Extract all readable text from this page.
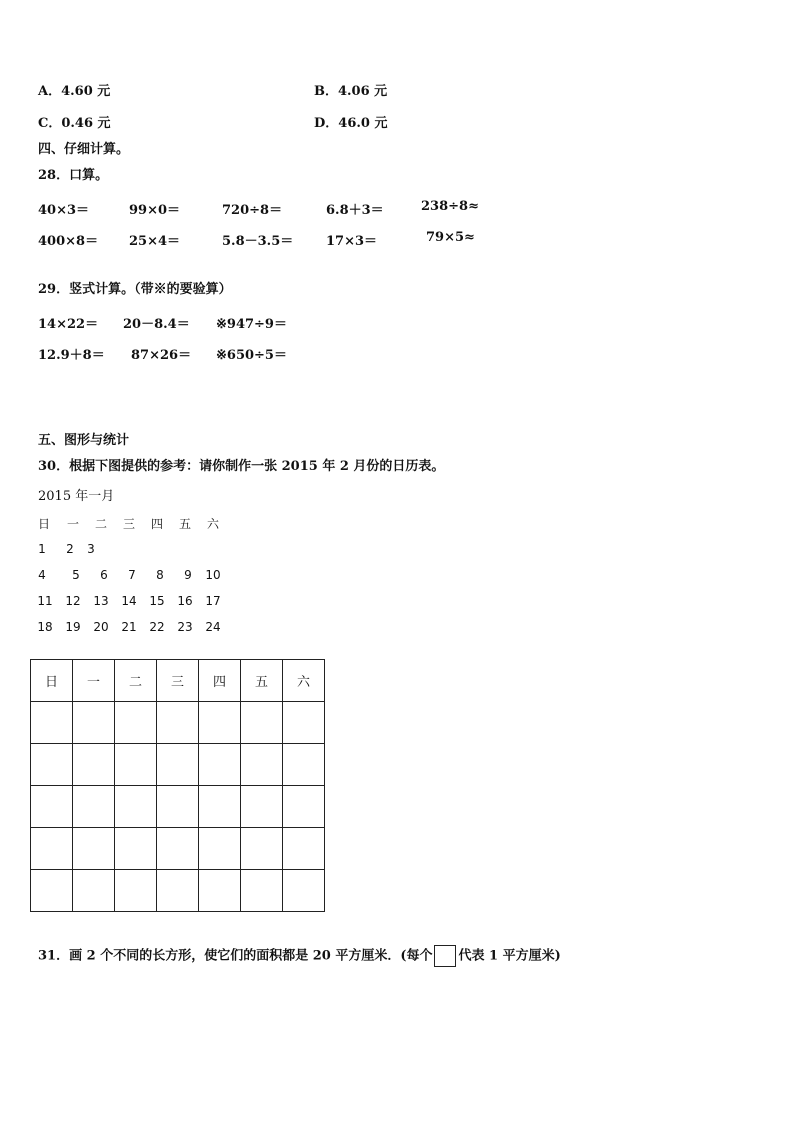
A．4.60 元	B．4.06 元
C．0.46 元	D．46.0 元
四、仔细计算。
28．口算。
40×3＝	99×0＝	720÷8＝	6.8＋3＝	238÷8≈
400×8＝ 25×4＝	5.8－3.5＝	17×3＝	79×5≈
29．竖式计算。（带※的要验算）
14×22＝ 20－8.4＝ ※947÷9＝
12.9＋8＝ 87×26＝ ※650÷5＝
五、图形与统计
30．根据下图提供的参考：请你制作一张 2015 年 2 月份的日历表。
2015 年一月
日	一	二	三	四	五	六
1	2	3
4	5	6	7	8	9	10
11	12	13	14	15	16	17
18	19	20	21	22	23	24
日	一	二	三	四	五	六

31．画 2 个不同的长方形，使它们的面积都是 20 平方厘米．(每个 代表 1 平方厘米)
